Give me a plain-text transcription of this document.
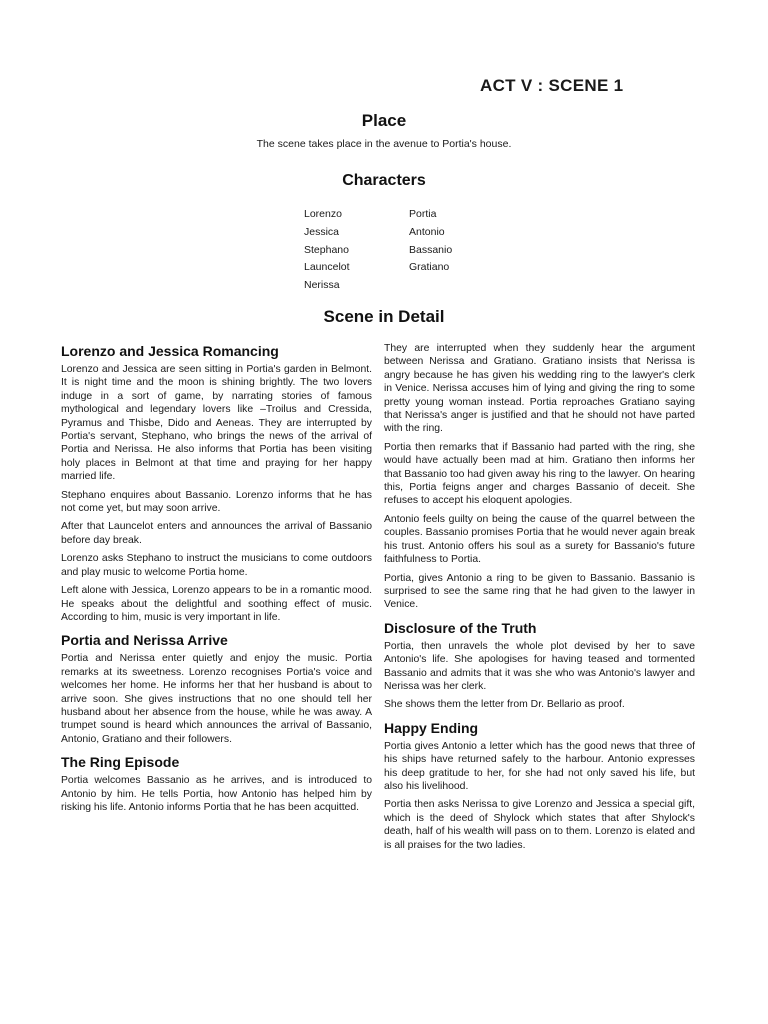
ACT V : SCENE 1
Place

The scene takes place in the avenue to Portia's house.

Characters
Lorenzo
Jessica
Stephano
Launcelot
Nerissa
Portia
Antonio
Bassanio
Gratiano
Scene in Detail
Lorenzo and Jessica Romancing

Lorenzo and Jessica are seen sitting in Portia's garden in Belmont. It is night time and the moon is shining brightly. The two lovers induge in a sort of game, by narrating stories of famous mythological and legendary lovers like –Troilus and Cressida, Pyramus and Thisbe, Dido and Aeneas. They are interrupted by Portia's servant, Stephano, who brings the news of the arrival of Portia and Nerissa. He also informs that Portia has been visiting holy places in Belmont at that time and praying for her happy married life.

Stephano enquires about Bassanio. Lorenzo informs that he has not come yet, but may soon arrive.

After that Launcelot enters and announces the arrival of Bassanio before day break.

Lorenzo asks Stephano to instruct the musicians to come outdoors and play music to welcome Portia home.

Left alone with Jessica, Lorenzo appears to be in a romantic mood. He speaks about the delightful and soothing effect of music. According to him, music is very important in life.

Portia and Nerissa Arrive

Portia and Nerissa enter quietly and enjoy the music. Portia remarks at its sweetness. Lorenzo recognises Portia's voice and welcomes her home. He informs her that her husband is about to arrive soon. She gives instructions that no one should tell her husband about her absence from the house, while he was away. A trumpet sound is heard which announces the arrival of Bassanio, Antonio, Gratiano and their followers.

The Ring Episode

Portia welcomes Bassanio as he arrives, and is introduced to Antonio by him. He tells Portia, how Antonio has helped him by risking his life. Antonio informs Portia that he has been acquitted.

They are interrupted when they suddenly hear the argument between Nerissa and Gratiano. Gratiano insists that Nerissa is angry because he has given his wedding ring to the lawyer's clerk in Venice. Nerissa accuses him of lying and giving the ring to some pretty young woman instead. Portia reproaches Gratiano saying that Nerissa's anger is justified and that he should not have parted with the ring.

Portia then remarks that if Bassanio had parted with the ring, she would have actually been mad at him. Gratiano then informs her that Bassanio too had given away his ring to the lawyer. On hearing this, Portia feigns anger and charges Bassanio of deceit. She refuses to accept his eloquent apologies.

Antonio feels guilty on being the cause of the quarrel between the couples. Bassanio promises Portia that he would never again break his trust. Antonio offers his soul as a surety for Bassanio's future faithfulness to Portia.

Portia, gives Antonio a ring to be given to Bassanio. Bassanio is surprised to see the same ring that he had given to the lawyer in Venice.

Disclosure of the Truth

Portia, then unravels the whole plot devised by her to save Antonio's life. She apologises for having teased and tormented Bassanio and admits that it was she who was Antonio's lawyer and Nerissa was her clerk.

She shows them the letter from Dr. Bellario as proof.

Happy Ending

Portia gives Antonio a letter which has the good news that three of his ships have returned safely to the harbour. Antonio expresses his deep gratitude to her, for she had not only saved his life, but also his livelihood.

Portia then asks Nerissa to give Lorenzo and Jessica a special gift, which is the deed of Shylock which states that after Shylock's death, half of his wealth will pass on to them. Lorenzo is elated and is all praises for the two ladies.
